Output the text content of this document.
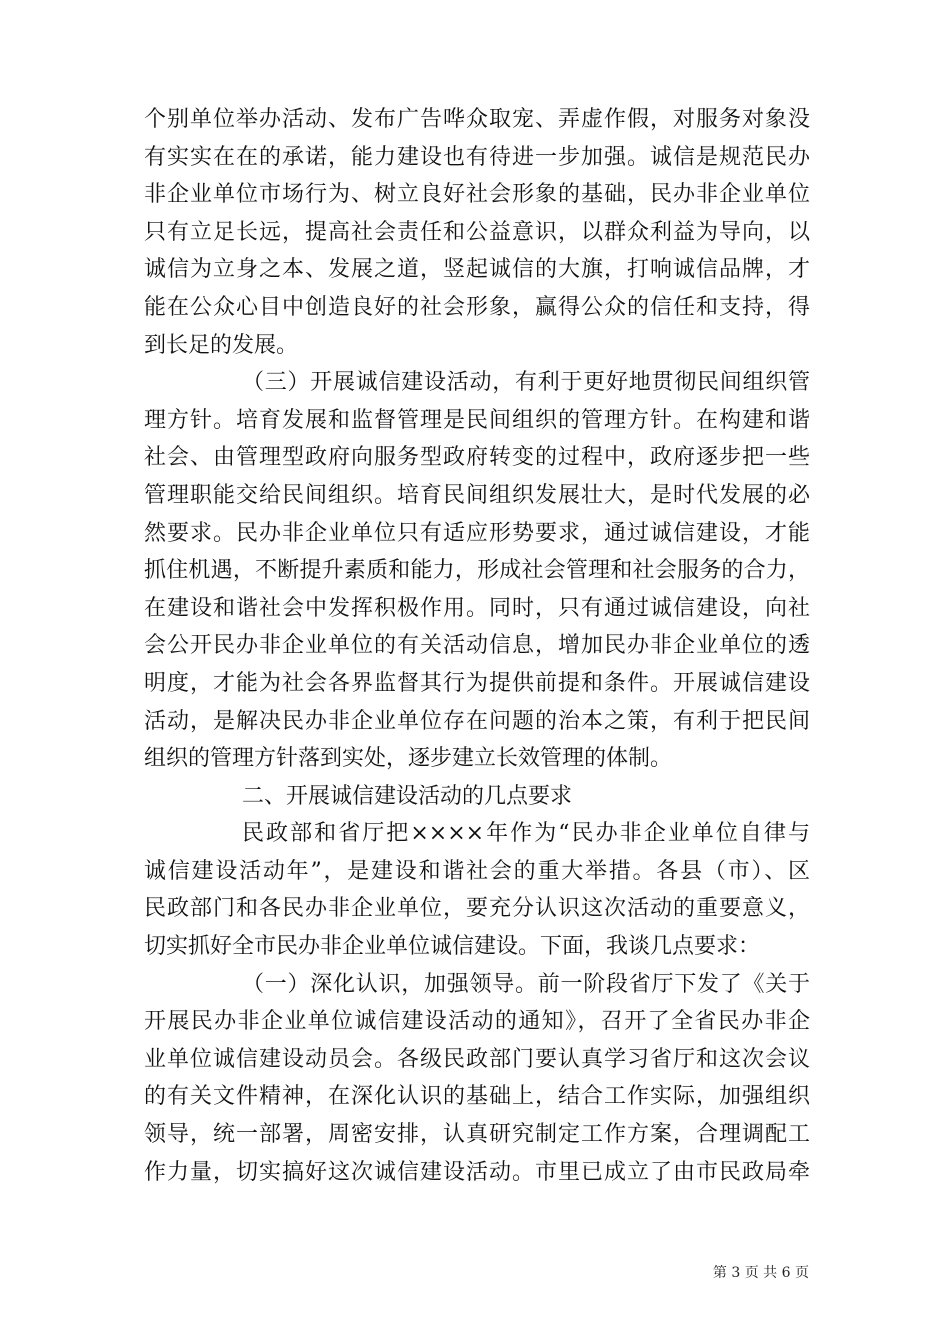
个别单位举办活动、发布广告哗众取宠、弄虚作假，对服务对象没
有实实在在的承诺，能力建设也有待进一步加强。诚信是规范民办
非企业单位市场行为、树立良好社会形象的基础，民办非企业单位
只有立足长远，提高社会责任和公益意识，以群众利益为导向，以
诚信为立身之本、发展之道，竖起诚信的大旗，打响诚信品牌，才
能在公众心目中创造良好的社会形象，赢得公众的信任和支持，得
到长足的发展。
（三）开展诚信建设活动，有利于更好地贯彻民间组织管
理方针。培育发展和监督管理是民间组织的管理方针。在构建和谐
社会、由管理型政府向服务型政府转变的过程中，政府逐步把一些
管理职能交给民间组织。培育民间组织发展壮大，是时代发展的必
然要求。民办非企业单位只有适应形势要求，通过诚信建设，才能
抓住机遇，不断提升素质和能力，形成社会管理和社会服务的合力，
在建设和谐社会中发挥积极作用。同时，只有通过诚信建设，向社
会公开民办非企业单位的有关活动信息，增加民办非企业单位的透
明度，才能为社会各界监督其行为提供前提和条件。开展诚信建设
活动，是解决民办非企业单位存在问题的治本之策，有利于把民间
组织的管理方针落到实处，逐步建立长效管理的体制。
二、开展诚信建设活动的几点要求
民政部和省厅把××××年作为“民办非企业单位自律与
诚信建设活动年”，是建设和谐社会的重大举措。各县（市）、区
民政部门和各民办非企业单位，要充分认识这次活动的重要意义，
切实抓好全市民办非企业单位诚信建设。下面，我谈几点要求：
（一）深化认识，加强领导。前一阶段省厅下发了《关于
开展民办非企业单位诚信建设活动的通知》，召开了全省民办非企
业单位诚信建设动员会。各级民政部门要认真学习省厅和这次会议
的有关文件精神，在深化认识的基础上，结合工作实际，加强组织
领导，统一部署，周密安排，认真研究制定工作方案，合理调配工
作力量，切实搞好这次诚信建设活动。市里已成立了由市民政局牵
第 3 页 共 6 页
